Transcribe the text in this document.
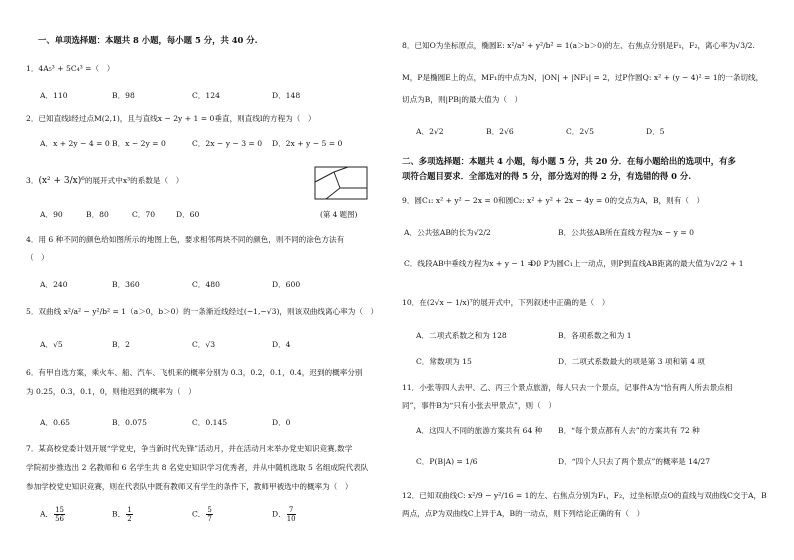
一、单项选择题：本题共 8 小题，每小题 5 分，共 40 分.
1．4A₅³ + 5C₄³ =（　）
A．110	B．98	C．124	D．148
2．已知直线l经过点M(2,1)，且与直线x − 2y + 1 = 0垂直，则直线l的方程为（　）
A．x + 2y − 4 = 0 B．x − 2y = 0	C．2x − y − 3 = 0 D．2x + y − 5 = 0
3．(x² + 3/x)⁶的展开式中x³的系数是（　）
A．90	B．80	C．70	D．60	(第 4 题图)
4．用 6 种不同的颜色给如图所示的地图上色，要求相邻两块不同的颜色，则不同的涂色方法有
（　）
A．240	B．360	C．480	D．600
5．双曲线 x²/a² − y²/b² = 1（a＞0，b＞0）的一条渐近线经过(−1,−√3)，则该双曲线离心率为（　）
A．√5	B．2	C．√3	D．4
6．有甲自选方案，乘火车、船、汽车、飞机来的概率分别为 0.3，0.2，0.1，0.4，迟到的概率分别
为 0.25，0.3，0.1，0，则他迟到的概率为（　）
A．0.65	B．0.075	C．0.145	D．0
7．某高校党委计划开展“学党史，争当新时代先锋”活动月，并在活动月末举办党史知识竞赛,数学
学院初步推选出 2 名教师和 6 名学生共 8 名党史知识学习优秀者，并从中随机选取 5 名组成院代表队
参加学校党史知识竞赛，则在代表队中既有教师又有学生的条件下，教师甲被选中的概率为（　）
A． $\frac{15}{56}$	B． $\frac{1}{2}$	C． $\frac{5}{7}$	D． $\frac{7}{10}$
8．已知O为坐标原点，椭圆E: x²/a² + y²/b² = 1(a＞b＞0)的左、右焦点分别是F₁，F₂，离心率为√3/2.
M，P是椭圆E上的点，MF₁的中点为N，|ON| + |NF₁| = 2，过P作圆Q: x² + (y − 4)² = 1的一条切线，
切点为B，则|PB|的最大值为（　）
A．2√2	B．2√6	C．2√5	D．5
二、多项选择题：本题共 4 小题，每小题 5 分，共 20 分．在每小题给出的选项中，有多
项符合题目要求．全部选对的得 5 分，部分选对的得 2 分，有选错的得 0 分.
9．圆C₁: x² + y² − 2x = 0和圆C₂: x² + y² + 2x − 4y = 0的交点为A，B，则有（　）
A．公共弦AB的长为√2/2	B．公共弦AB所在直线方程为x − y = 0
C．线段AB中垂线方程为x + y − 1 = 0
D．P为圆C₁上一动点，则P到直线AB距离的最大值为√2/2 + 1
10．在(2√x − 1/x)⁷的展开式中，下列叙述中正确的是（　）
A．二项式系数之和为 128	B．各项系数之和为 1
C．常数项为 15	D．二项式系数最大的项是第 3 项和第 4 项
11．小张等四人去甲、乙、丙三个景点旅游，每人只去一个景点，记事件A为“恰有两人所去景点相
同”，事件B为“只有小张去甲景点”，则（　）
A．这四人不同的旅游方案共有 64 种 B．“每个景点都有人去”的方案共有 72 种
C．P(B|A) = 1/6	D．“四个人只去了两个景点”的概率是 14/27
12．已知双曲线C: x²/9 − y²/16 = 1的左、右焦点分别为F₁，F₂，过坐标原点O的直线与双曲线C交于A，B
两点，点P为双曲线C上异于A，B的一动点，则下列结论正确的有（　）
